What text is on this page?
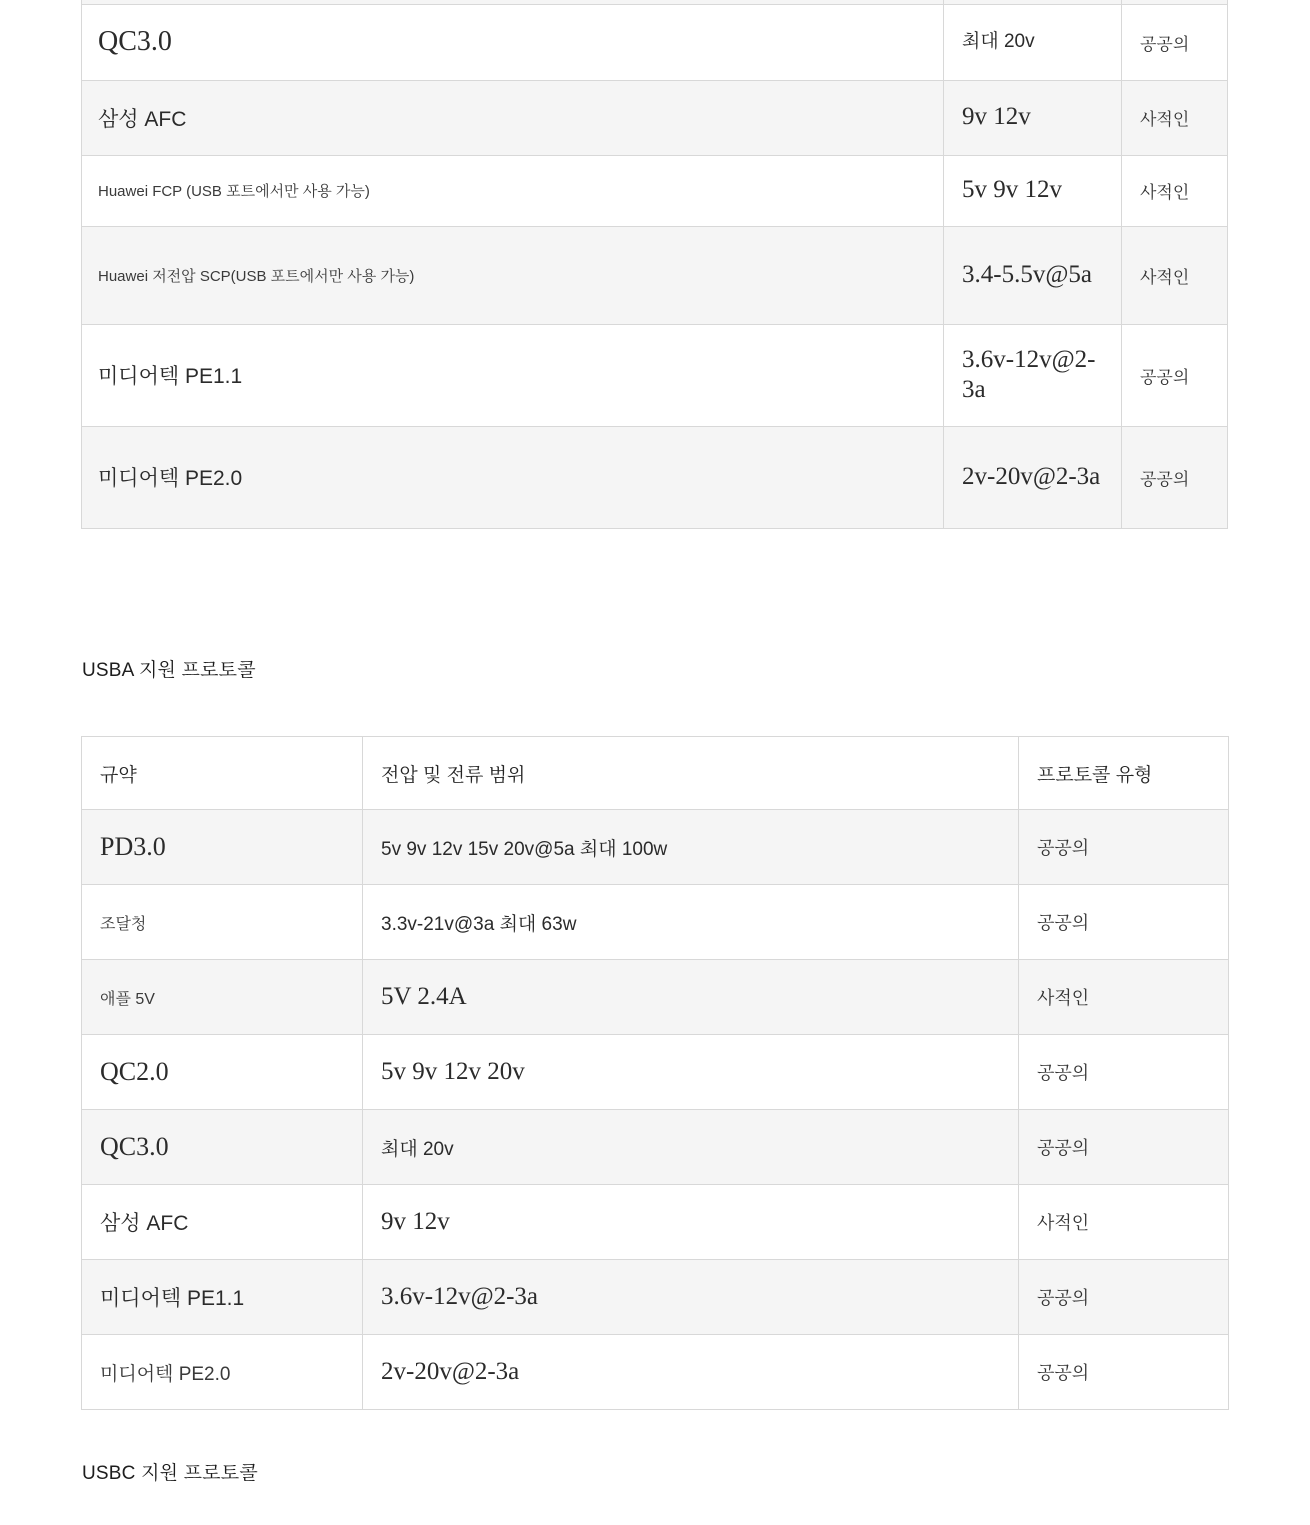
QC3.0	최대 20v	공공의
삼성 AFC	9v 12v	사적인
Huawei FCP (USB 포트에서만 사용 가능)	5v 9v 12v	사적인
Huawei 저전압 SCP(USB 포트에서만 사용 가능)	3.4-5.5v@5a	사적인
미디어텍 PE1.1	3.6v-12v@2-3a	공공의
미디어텍 PE2.0	2v-20v@2-3a	공공의
USBA 지원 프로토콜
규약	전압 및 전류 범위	프로토콜 유형
PD3.0	5v 9v 12v 15v 20v@5a 최대 100w	공공의
조달청	3.3v-21v@3a 최대 63w	공공의
애플 5V	5V 2.4A	사적인
QC2.0	5v 9v 12v 20v	공공의
QC3.0	최대 20v	공공의
삼성 AFC	9v 12v	사적인
미디어텍 PE1.1	3.6v-12v@2-3a	공공의
미디어텍 PE2.0	2v-20v@2-3a	공공의
USBC 지원 프로토콜
